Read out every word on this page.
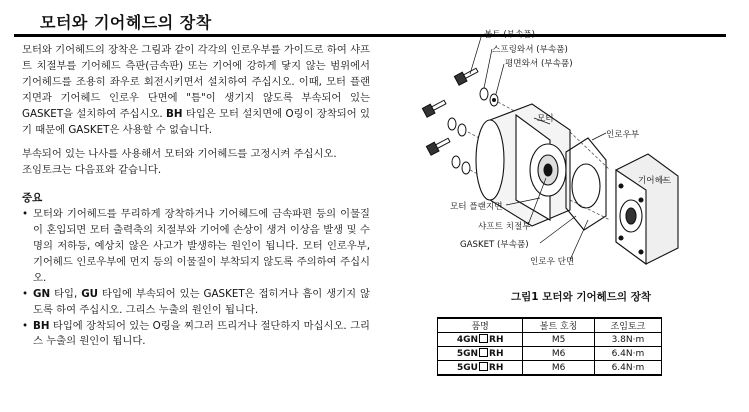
모터와 기어헤드의 장착

모터와 기어헤드의 장착은 그림과 같이 각각의 인로우부를 가이드로 하여 샤프트 치절부를 기어헤드 측판(금속판) 또는 기어에 강하게 닿지 않는 범위에서 기어헤드를 조용히 좌우로 회전시키면서 설치하여 주십시오. 이때, 모터 플랜지면과 기어헤드 인로우 단면에 "틈"이 생기지 않도록 부속되어 있는 GASKET을 설치하여 주십시오. BH 타입은 모터 설치면에 O링이 장착되어 있기 때문에 GASKET은 사용할 수 없습니다.

부속되어 있는 나사를 사용해서 모터와 기어헤드를 고정시켜 주십시오.

조임토크는 다음표와 같습니다.

중요
• 모터와 기어헤드를 무리하게 장착하거나 기어헤드에 금속파편 등의 이물질이 혼입되면 모터 출력축의 치절부와 기어에 손상이 생겨 이상음 발생 및 수명의 저하등, 예상치 않은 사고가 발생하는 원인이 됩니다. 모터 인로우부, 기어헤드 인로우부에 먼지 등의 이물질이 부착되지 않도록 주의하여 주십시오.
• GN 타입, GU 타입에 부속되어 있는 GASKET은 접히거나 흠이 생기지 않도록 하여 주십시오. 그리스 누출의 원인이 됩니다.
• BH 타입에 장착되어 있는 O링을 찌그러 뜨리거나 절단하지 마십시오. 그리스 누출의 원인이 됩니다.
볼트 (부속품)
스프링와셔 (부속품)
평면와셔 (부속품)
모터
인로우부
기어헤드
모터 플랜지면
샤프트 치절부
GASKET (부속품)
인로우 단면
그림1 모터와 기어헤드의 장착
품명	볼트 호칭	조임토크
4GN RH	M5	3.8N·m
5GN RH	M6	6.4N·m
5GU RH	M6	6.4N·m
